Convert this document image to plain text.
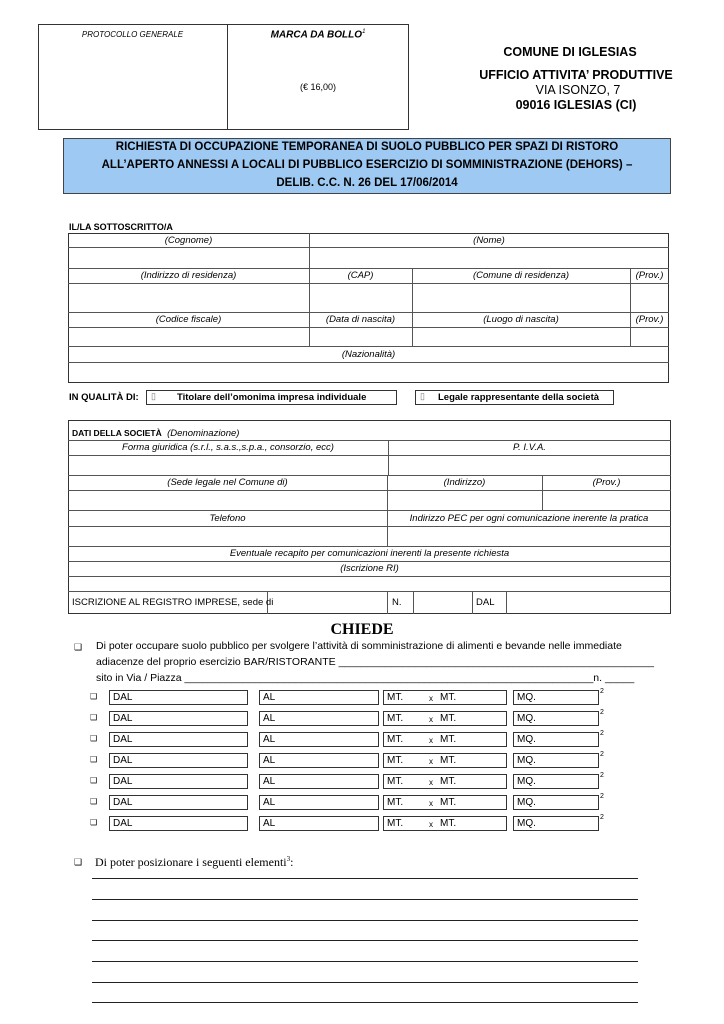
PROTOCOLLO GENERALE	MARCA DA BOLLO$^1$
(€ 16,00)
COMUNE DI IGLESIAS
UFFICIO ATTIVITA’ PRODUTTIVE
VIA ISONZO, 7
09016 IGLESIAS (CI)
RICHIESTA DI OCCUPAZIONE TEMPORANEA DI SUOLO PUBBLICO PER SPAZI DI RISTORO
ALL’APERTO ANNESSI A LOCALI DI PUBBLICO ESERCIZIO DI SOMMINISTRAZIONE (DEHORS) –
DELIB. C.C. N. 26 DEL 17/06/2014
IL/LA SOTTOSCRITTO/A
(Cognome)	(Nome)
(Indirizzo di residenza)	(CAP)	(Comune di residenza)	(Prov.)
(Codice fiscale)	(Data di nascita)	(Luogo di nascita)	(Prov.)
(Nazionalità)
IN QUALITÀ DI: ▯ Titolare dell’omonima impresa individuale	▯ Legale rappresentante della società
DATI DELLA SOCIETÀ (Denominazione)
Forma giuridica (s.r.l., s.a.s.,s.p.a., consorzio, ecc)	P. I.V.A.
(Sede legale nel Comune di)	(Indirizzo)	(Prov.)
Telefono	Indirizzo PEC per ogni comunicazione inerente la pratica
Eventuale recapito per comunicazioni inerenti la presente richiesta
(Iscrizione RI)
ISCRIZIONE AL REGISTRO IMPRESE, sede di	N.	DAL
CHIEDE
❑ Di poter occupare suolo pubblico per svolgere l’attività di somministrazione di alimenti e bevande nelle immediate
adiacenze del proprio esercizio BAR/RISTORANTE ______________________________________________________
sito in Via / Piazza ______________________________________________________________________n. _____
❑	DAL	AL	MT.	x MT.	MQ.
2
❑	DAL	AL	MT.	x MT.	MQ.
2
❑	DAL	AL	MT.	x MT.	MQ.
2
❑	DAL	AL	MT.	x MT.	MQ.
2
❑	DAL	AL	MT.	x MT.	MQ.
2
❑	DAL	AL	MT.	x MT.	MQ.
2
❑	DAL	AL	MT.	x MT.	MQ.
2
❑ Di poter posizionare i seguenti elementi$^3$:
